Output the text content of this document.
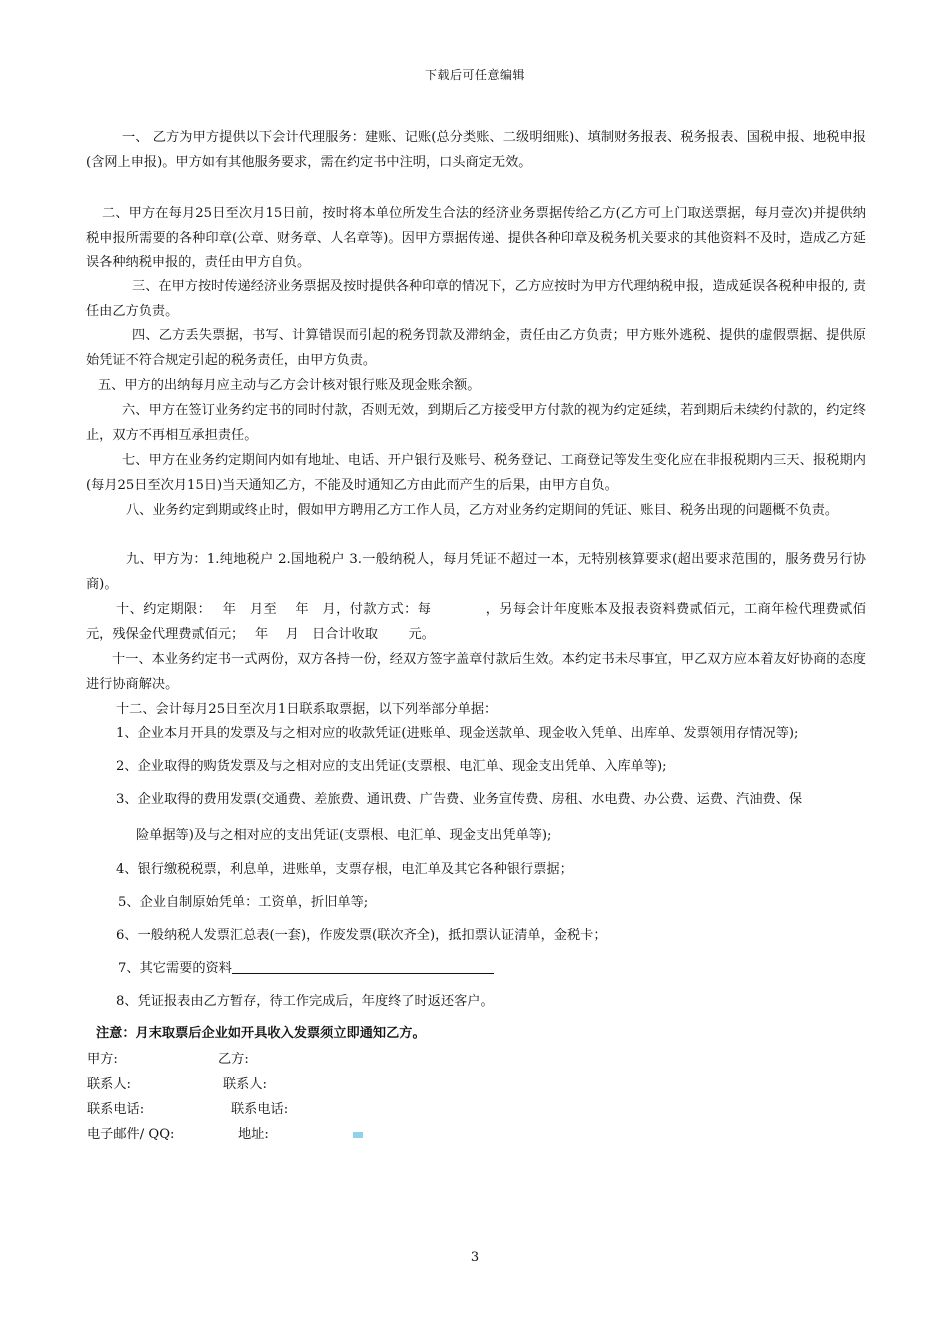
下载后可任意编辑
一、 乙方为甲方提供以下会计代理服务：建账、记账(总分类账、二级明细账)、填制财务报表、税务报表、国税申报、地税申报(含网上申报)。甲方如有其他服务要求，需在约定书中注明，口头商定无效。
二、甲方在每月25日至次月15日前，按时将本单位所发生合法的经济业务票据传给乙方(乙方可上门取送票据，每月壹次)并提供纳税申报所需要的各种印章(公章、财务章、人名章等)。因甲方票据传递、提供各种印章及税务机关要求的其他资料不及时，造成乙方延误各种纳税申报的，责任由甲方自负。
三、在甲方按时传递经济业务票据及按时提供各种印章的情况下，乙方应按时为甲方代理纳税申报，造成延误各税种申报的, 责任由乙方负责。
四、乙方丢失票据，书写、计算错误而引起的税务罚款及滞纳金，责任由乙方负责；甲方账外逃税、提供的虚假票据、提供原始凭证不符合规定引起的税务责任，由甲方负责。
五、甲方的出纳每月应主动与乙方会计核对银行账及现金账余额。
六、甲方在签订业务约定书的同时付款，否则无效，到期后乙方接受甲方付款的视为约定延续，若到期后未续约付款的，约定终止，双方不再相互承担责任。
七、甲方在业务约定期间内如有地址、电话、开户银行及账号、税务登记、工商登记等发生变化应在非报税期内三天、报税期内(每月25日至次月15日)当天通知乙方，不能及时通知乙方由此而产生的后果，由甲方自负。
八、业务约定到期或终止时，假如甲方聘用乙方工作人员，乙方对业务约定期间的凭证、账目、税务出现的问题概不负责。
九、甲方为：1.纯地税户 2.国地税户 3.一般纳税人，每月凭证不超过一本，无特别核算要求(超出要求范围的，服务费另行协商)。
十、约定期限：　 年　月至　 年　月，付款方式：每　　　　，另每会计年度账本及报表资料费贰佰元，工商年检代理费贰佰元，残保金代理费贰佰元；　 年　 月　日合计收取　　 元。
十一、本业务约定书一式两份，双方各持一份，经双方签字盖章付款后生效。本约定书未尽事宜，甲乙双方应本着友好协商的态度进行协商解决。
十二、会计每月25日至次月1日联系取票据，以下列举部分单据：
1、企业本月开具的发票及与之相对应的收款凭证(进账单、现金送款单、现金收入凭单、出库单、发票领用存情况等);
2、企业取得的购货发票及与之相对应的支出凭证(支票根、电汇单、现金支出凭单、入库单等);
3、企业取得的费用发票(交通费、差旅费、通讯费、广告费、业务宣传费、房租、水电费、办公费、运费、汽油费、保
险单据等)及与之相对应的支出凭证(支票根、电汇单、现金支出凭单等);
4、银行缴税税票，利息单，进账单，支票存根，电汇单及其它各种银行票据；
5、企业自制原始凭单：工资单，折旧单等;
6、一般纳税人发票汇总表(一套)，作废发票(联次齐全)，抵扣票认证清单，金税卡；
7、其它需要的资料
8、凭证报表由乙方暂存，待工作完成后，年度终了时返还客户。
注意：月末取票后企业如开具收入发票须立即通知乙方。
甲方:	乙方:
联系人:	联系人:
联系电话:	联系电话:
电子邮件/ QQ:	地址:
3
